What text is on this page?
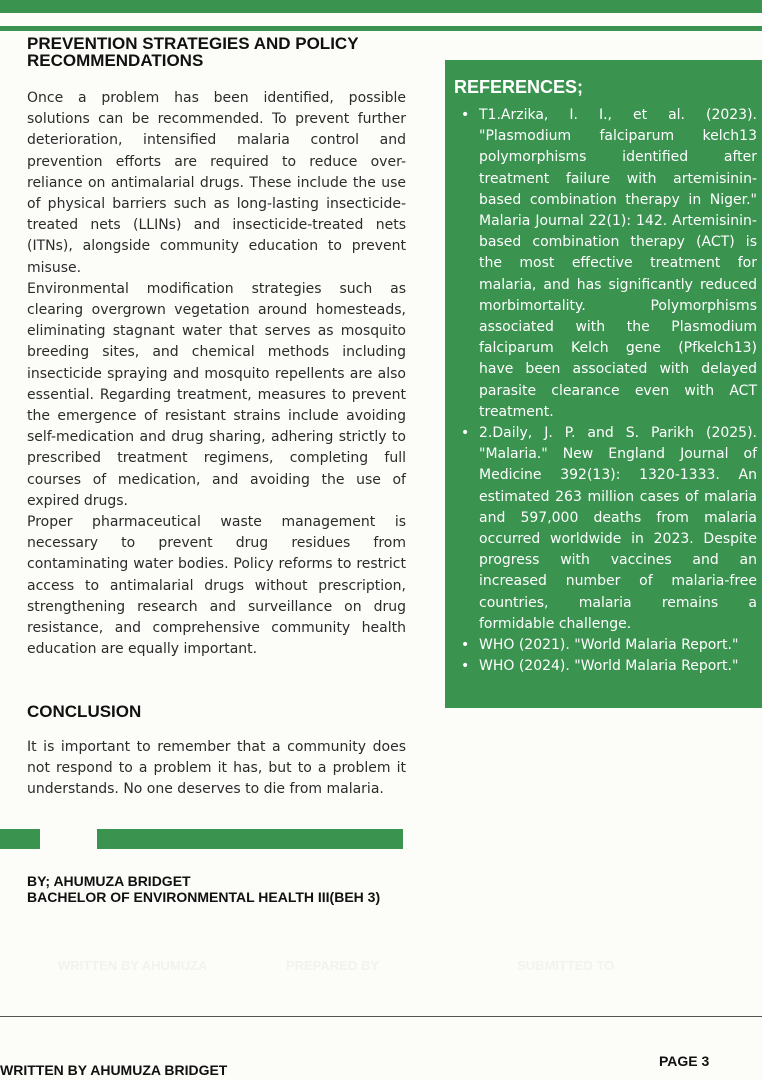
PREVENTION STRATEGIES AND POLICY
RECOMMENDATIONS

Once a problem has been identified, possible solutions can be recommended. To prevent further deterioration, intensified malaria control and prevention efforts are required to reduce over-reliance on antimalarial drugs. These include the use of physical barriers such as long-lasting insecticide-treated nets (LLINs) and insecticide-treated nets (ITNs), alongside community education to prevent misuse.

Environmental modification strategies such as clearing overgrown vegetation around homesteads, eliminating stagnant water that serves as mosquito breeding sites, and chemical methods including insecticide spraying and mosquito repellents are also essential. Regarding treatment, measures to prevent the emergence of resistant strains include avoiding self-medication and drug sharing, adhering strictly to prescribed treatment regimens, completing full courses of medication, and avoiding the use of expired drugs.

Proper pharmaceutical waste management is necessary to prevent drug residues from contaminating water bodies. Policy reforms to restrict access to antimalarial drugs without prescription, strengthening research and surveillance on drug resistance, and comprehensive community health education are equally important.

CONCLUSION

It is important to remember that a community does not respond to a problem it has, but to a problem it understands. No one deserves to die from malaria.

REFERENCES;
• T1.Arzika, I. I., et al. (2023). "Plasmodium falciparum kelch13 polymorphisms identified after treatment failure with artemisinin-based combination therapy in Niger." Malaria Journal 22(1): 142. Artemisinin-based combination therapy (ACT) is the most effective treatment for malaria, and has significantly reduced morbimortality. Polymorphisms associated with the Plasmodium falciparum Kelch gene (Pfkelch13) have been associated with delayed parasite clearance even with ACT treatment.
• 2.Daily, J. P. and S. Parikh (2025). "Malaria." New England Journal of Medicine 392(13): 1320-1333. An estimated 263 million cases of malaria and 597,000 deaths from malaria occurred worldwide in 2023. Despite progress with vaccines and an increased number of malaria-free countries, malaria remains a formidable challenge.
• WHO (2021). "World Malaria Report."
• WHO (2024). "World Malaria Report."
BY; AHUMUZA BRIDGET
BACHELOR OF ENVIRONMENTAL HEALTH III(BEH 3)
WRITTEN BY AHUMUZA	PREPARED BY	SUBMITTED TO
WRITTEN BY AHUMUZA BRIDGET
PAGE 3
